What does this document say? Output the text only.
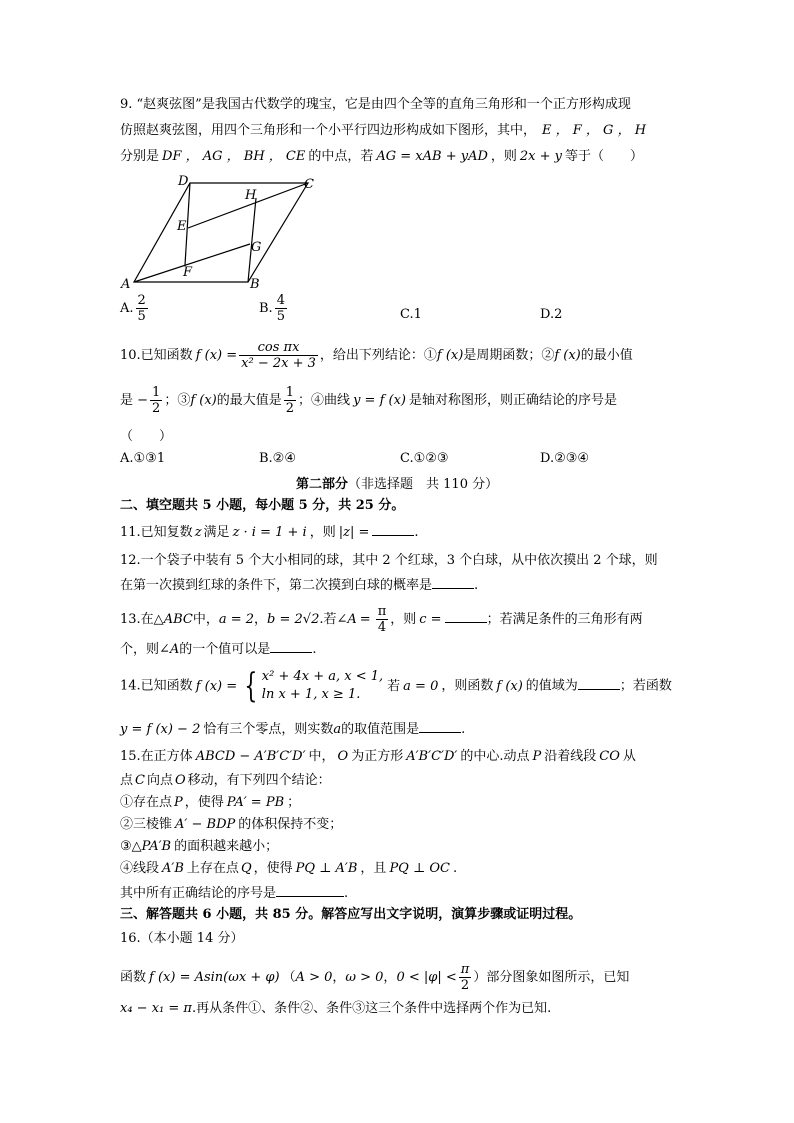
9. “赵爽弦图”是我国古代数学的瑰宝，它是由四个全等的直角三角形和一个正方形构成现
仿照赵爽弦图，用四个三角形和一个小平行四边形构成如下图形，其中， E ， F ， G ， H
分别是 DF ， AG ， BH ， CE 的中点，若 AG = xAB + yAD ，则 2x + y 等于（　　）
A	B
C
D
E
F
G
H
A. $\frac{2}{5}$	B. $\frac{4}{5}$	C.1	D.2
10.已知函数 f $(x) = \frac{\text{cos πx}}{\text{x² − 2x + 3}}$ ，给出下列结论：①f (x)是周期函数；②f (x)的最小值
是 − $\frac{1}{2}$ ；③f (x)的最大值是 $\frac{1}{2}$ ；④曲线 y = f (x) 是轴对称图形，则正确结论的序号是
（　　）
A.①③1	B.②④	C.①②③	D.②③④
第二部分（非选择题　共 110 分）
二、填空题共 5 小题，每小题 5 分，共 25 分。
11.已知复数 z 满足 z · i = 1 + i ，则 |z| =	.
12.一个袋子中装有 5 个大小相同的球，其中 2 个红球，3 个白球，从中依次摸出 2 个球，则
在第一次摸到红球的条件下，第二次摸到白球的概率是	.
13.在△ABC中，a = 2，b = 2√2.若∠A = $\frac{\pi}{4}$ ，则 c =	；若满足条件的三角形有两
个，则∠A的一个值可以是	.
14.已知函数 f (x) = { x² + 4x + a, x < 1,
ln x + 1, x ≥ 1.
若 a = 0 ，则函数 f (x) 的值域为	；若函数
y = f (x) − 2 恰有三个零点，则实数a的取值范围是	.
15.在正方体 ABCD − A′B′C′D′ 中， O 为正方形 A′B′C′D′ 的中心.动点 P 沿着线段 CO 从
点 C 向点 O 移动，有下列四个结论：
①存在点 P ，使得 PA′ = PB ；
②三棱锥 A′ − BDP 的体积保持不变；
③△PA′B 的面积越来越小；
④线段 A′B 上存在点 Q ，使得 PQ ⊥ A′B ，且 PQ ⊥ OC .
其中所有正确结论的序号是	.
三、解答题共 6 小题，共 85 分。解答应写出文字说明，演算步骤或证明过程。
16.（本小题 14 分）
函数 f (x) = Asin(ωx + φ) （A > 0，ω > 0，$0 < |\varphi| < \frac{\pi}{2}$ ）部分图象如图所示，已知
x₄ − x₁ = π.再从条件①、条件②、条件③这三个条件中选择两个作为已知.
